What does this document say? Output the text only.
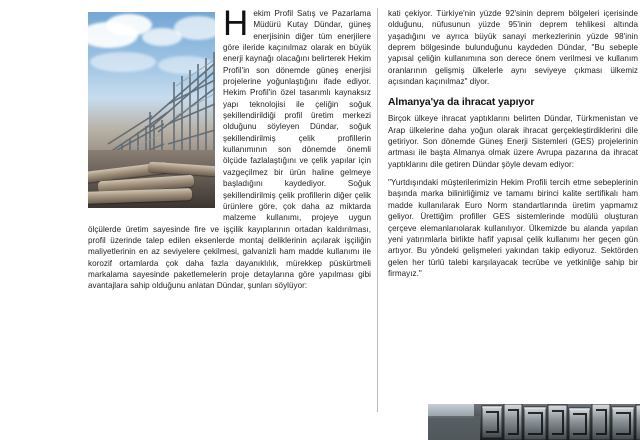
H ekim Profil Satış ve Pazarlama Müdürü Kutay Dündar, güneş enerjisinin diğer tüm enerjilere göre ileride kaçınılmaz olarak en büyük enerji kaynağı olacağını belirterek Hekim Profil'in son dönemde güneş enerjisi projelerine yoğunlaştığını ifade ediyor. Hekim Profil'in özel tasarımlı kaynaksız yapı teknolojisi ile çeliğin soğuk şekillendirildiği profil üretim merkezi olduğunu söyleyen Dündar, soğuk şekillendirilmiş çelik profillerin kullanımının son dönemde önemli ölçüde fazlalaştığını ve çelik yapılar için vazgeçilmez bir ürün haline gelmeye başladığını kaydediyor. Soğuk şekillendirilmiş çelik profillerin diğer çelik ürünlere göre, çok daha az miktarda malzeme kullanımı, projeye uygun ölçülerde üretim sayesinde fire ve işçilik kayıplarının ortadan kaldırılması, profil üzerinde talep edilen eksenlerde montaj deliklerinin açılarak işçiliğin maliyetlerinin en az seviyelere çekilmesi, galvanizli ham madde kullanımı ile korozif ortamlarda çok daha fazla dayanıklılık, mürekkep püskürtmeli markalama sayesinde paketlemelerin proje detaylarına göre yapılması gibi avantajlara sahip olduğunu anlatan Dündar, şunları söylüyor:

kati çekiyor. Türkiye'nin yüzde 92'sinin deprem bölgeleri içerisinde olduğunu, nüfusunun yüzde 95'inin deprem tehlikesi altında yaşadığını ve ayrıca büyük sanayi merkezlerinin yüzde 98'inin deprem bölgesinde bulunduğunu kaydeden Dündar, "Bu sebeple yapısal çeliğin kullanımına son derece önem verilmesi ve kullanım oranlarının gelişmiş ülkelerle aynı seviyeye çıkması ülkemiz açısından kaçınılmaz" diyor.

Almanya'ya da ihracat yapıyor

Birçok ülkeye ihracat yaptıklarını belirten Dündar, Türkmenistan ve Arap ülkelerine daha yoğun olarak ihracat gerçekleştirdiklerini dile getiriyor. Son dönemde Güneş Enerji Sistemleri (GES) projelerinin artması ile başta Almanya olmak üzere Avrupa pazarına da ihracat yaptıklarını dile getiren Dündar şöyle devam ediyor:

"Yurtdışındaki müşterilerimizin Hekim Profili tercih etme sebeplerinin başında marka bilinirliğimiz ve tamamı birinci kalite sertifikalı ham madde kullanılarak Euro Norm standartlarında üretim yapmamız geliyor. Ürettiğim profiller GES sistemlerinde modülü oluşturan çerçeve elemanlarıolarak kullanılıyor. Ülkemizde bu alanda yapılan yeni yatırımlarla birlikte hafif yapısal çelik kullanımı her geçen gün artıyor. Bu yöndeki gelişmeleri yakından takip ediyoruz. Sektörden gelen her türlü talebi karşılayacak tecrübe ve yetkinliğe sahip bir firmayız."
